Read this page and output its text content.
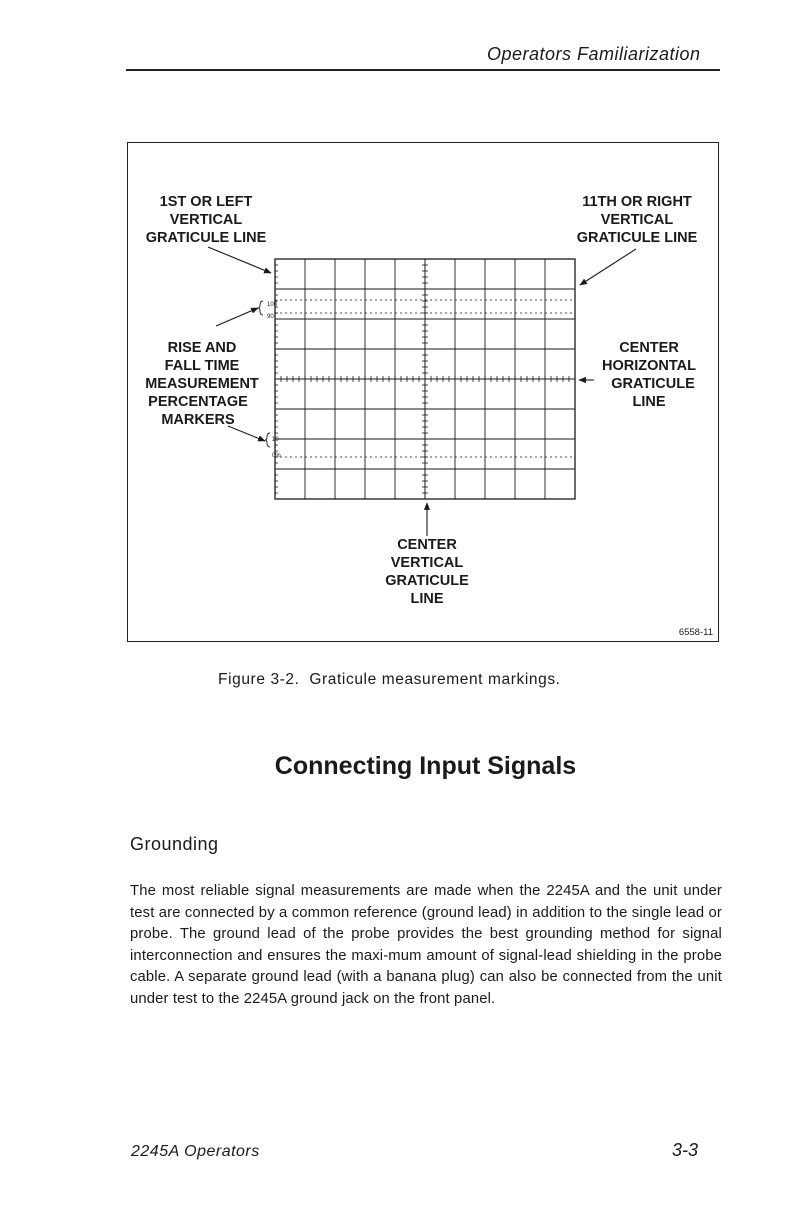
Operators Familiarization
100
90
10
0%
1ST OR LEFT
VERTICAL
GRATICULE LINE
11TH OR RIGHT
VERTICAL
GRATICULE LINE
RISE AND
FALL TIME
MEASUREMENT
PERCENTAGE
MARKERS
CENTER
HORIZONTAL
GRATICULE
LINE
CENTER
VERTICAL
GRATICULE
LINE
6558-11
Figure 3-2. Graticule measurement markings.
Connecting Input Signals
Grounding
The most reliable signal measurements are made when the 2245A and the unit under test are connected by a common reference (ground lead) in addition to the single lead or probe. The ground lead of the probe provides the best grounding method for signal interconnection and ensures the maxi-mum amount of signal-lead shielding in the probe cable. A separate ground lead (with a banana plug) can also be connected from the unit under test to the 2245A ground jack on the front panel.
2245A Operators	3-3
